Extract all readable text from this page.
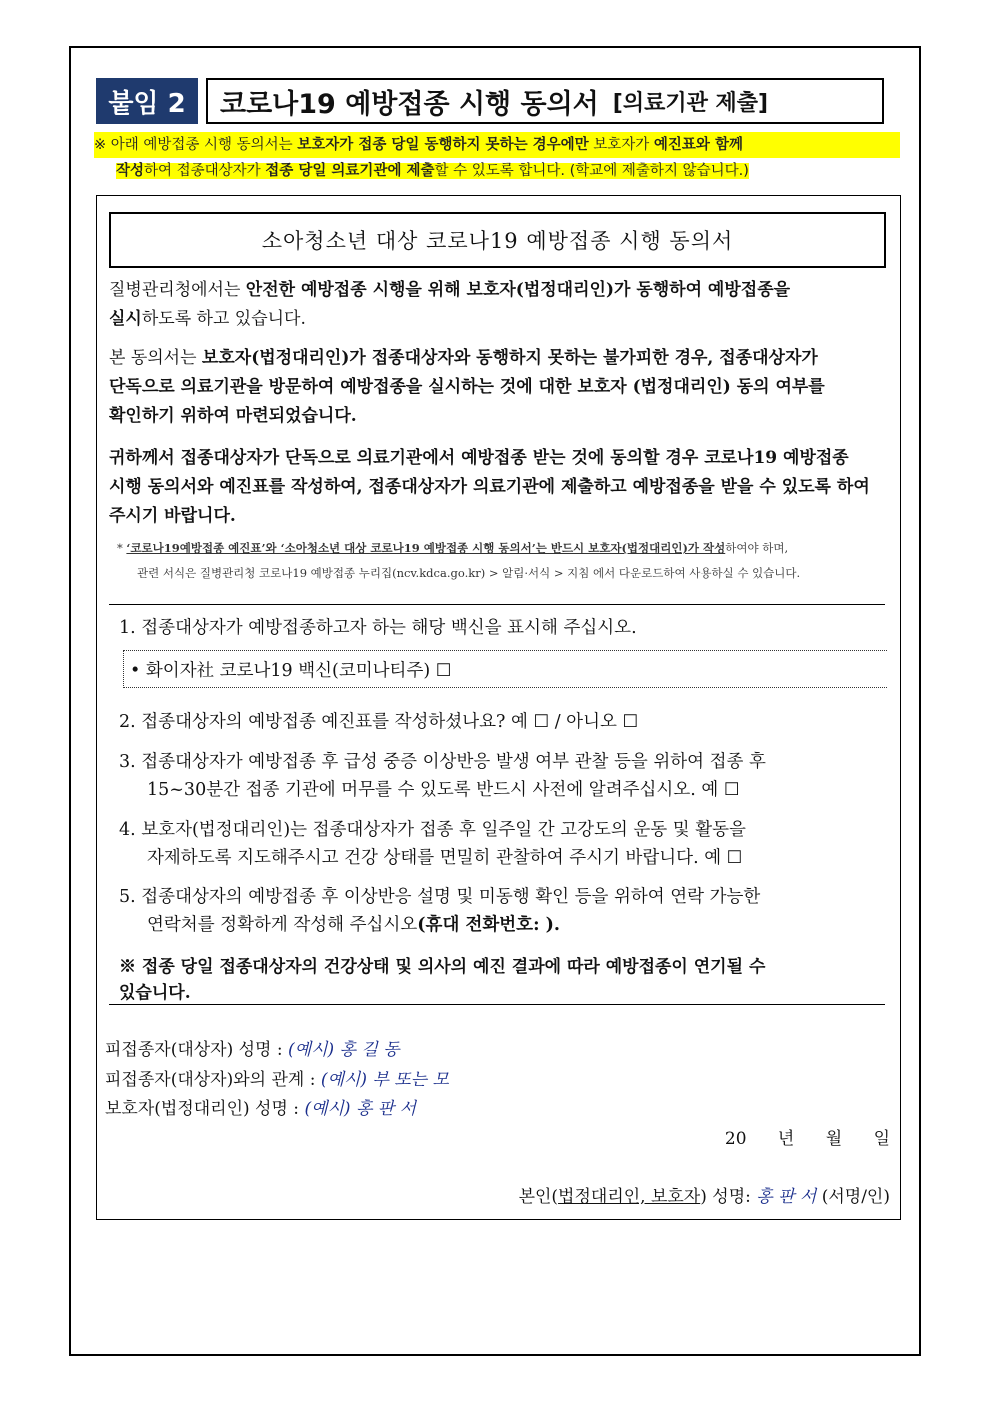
붙임 2	코로나19 예방접종 시행 동의서 [의료기관 제출]
※ 아래 예방접종 시행 동의서는 보호자가 접종 당일 동행하지 못하는 경우에만 보호자가 예진표와 함께
작성하여 접종대상자가 접종 당일 의료기관에 제출할 수 있도록 합니다. (학교에 제출하지 않습니다.)
소아청소년 대상 코로나19 예방접종 시행 동의서
질병관리청에서는 안전한 예방접종 시행을 위해 보호자(법정대리인)가 동행하여 예방접종을
실시하도록 하고 있습니다.
본 동의서는 보호자(법정대리인)가 접종대상자와 동행하지 못하는 불가피한 경우, 접종대상자가
단독으로 의료기관을 방문하여 예방접종을 실시하는 것에 대한 보호자 (법정대리인) 동의 여부를
확인하기 위하여 마련되었습니다.
귀하께서 접종대상자가 단독으로 의료기관에서 예방접종 받는 것에 동의할 경우 코로나19 예방접종
시행 동의서와 예진표를 작성하여, 접종대상자가 의료기관에 제출하고 예방접종을 받을 수 있도록 하여
주시기 바랍니다.
* ‘코로나19예방접종 예진표’와 ‘소아청소년 대상 코로나19 예방접종 시행 동의서’는 반드시 보호자(법정대리인)가 작성하여야 하며,
관련 서식은 질병관리청 코로나19 예방접종 누리집(ncv.kdca.go.kr) > 알림·서식 > 지침 에서 다운로드하여 사용하실 수 있습니다.
1. 접종대상자가 예방접종하고자 하는 해당 백신을 표시해 주십시오.
• 화이자社 코로나19 백신(코미나티주) ☐
2. 접종대상자의 예방접종 예진표를 작성하셨나요? 예 ☐ / 아니오 ☐
3. 접종대상자가 예방접종 후 급성 중증 이상반응 발생 여부 관찰 등을 위하여 접종 후
15~30분간 접종 기관에 머무를 수 있도록 반드시 사전에 알려주십시오. 예 ☐
4. 보호자(법정대리인)는 접종대상자가 접종 후 일주일 간 고강도의 운동 및 활동을
자제하도록 지도해주시고 건강 상태를 면밀히 관찰하여 주시기 바랍니다. 예 ☐
5. 접종대상자의 예방접종 후 이상반응 설명 및 미동행 확인 등을 위하여 연락 가능한
연락처를 정확하게 작성해 주십시오(휴대 전화번호: ).
※ 접종 당일 접종대상자의 건강상태 및 의사의 예진 결과에 따라 예방접종이 연기될 수
있습니다.
피접종자(대상자) 성명 : (예시) 홍 길 동
피접종자(대상자)와의 관계 : (예시) 부 또는 모
보호자(법정대리인) 성명 : (예시) 홍 판 서
20 년 월 일
본인(법정대리인, 보호자) 성명: 홍 판 서 (서명/인)
